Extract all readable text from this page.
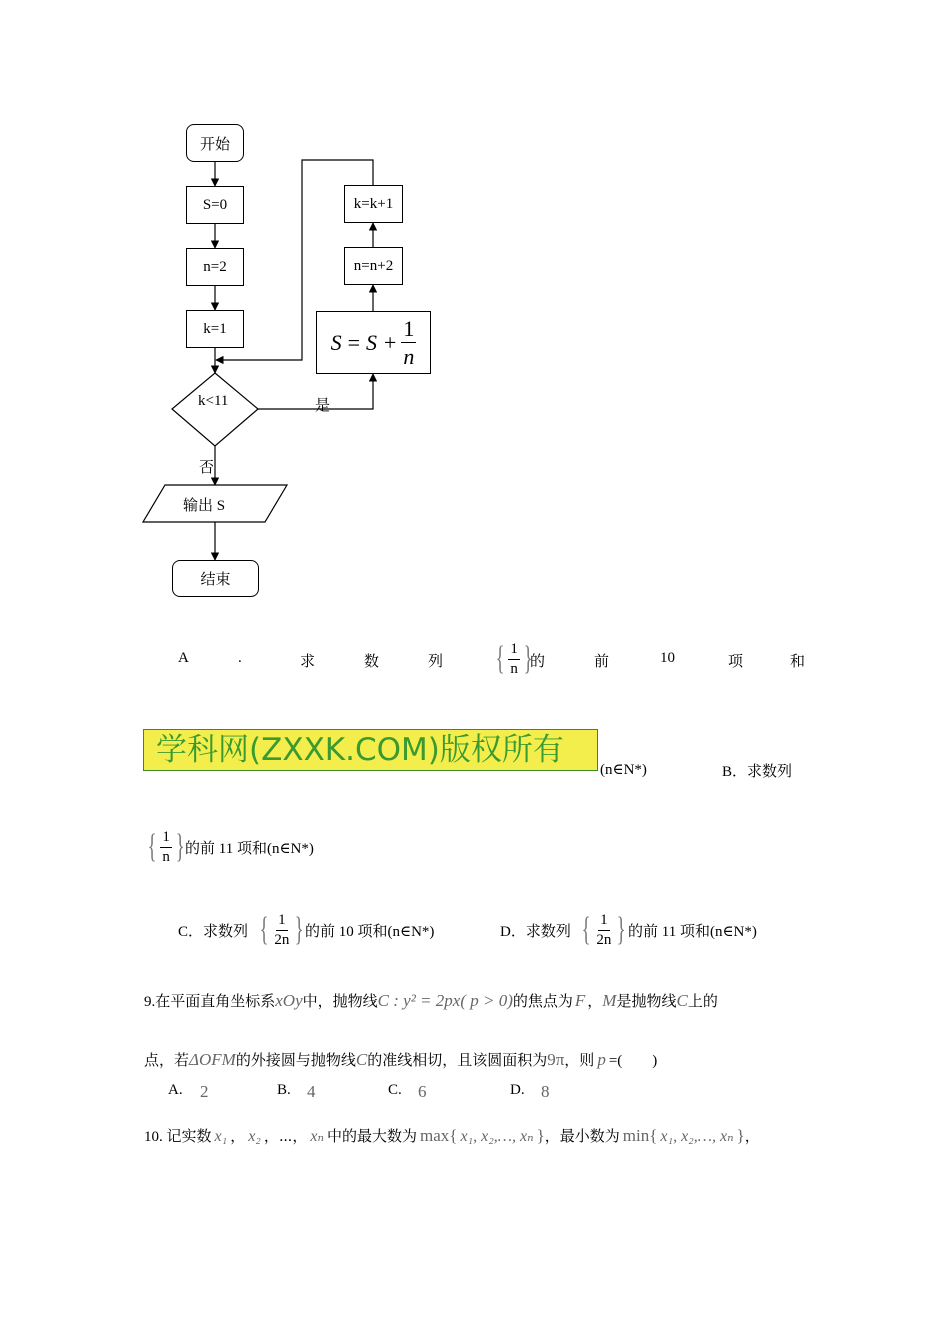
开始
S=0
n=2
k=1
k<11	是
否
k=k+1
n=n+2
$S = S + \frac{1}{n}$
输出 S
结束
A	.	求	数	列 { $\frac{1}{n}$ }
的	前	10	项	和
学科网(ZXXK.COM)版权所有
(n∈N*)	B．求数列
{ $\frac{1}{n}$ } 的前 11 项和(n∈N*)
C．求数列 { $\frac{1}{2n}$ } 的前 10 项和(n∈N*)	D．求数列 { $\frac{1}{2n}$ } 的前 11 项和(n∈N*)
9.在平面直角坐标系xOy中，抛物线C : y² = 2px( p > 0)的焦点为 F ，M是抛物线C上的
点，若ΔOFM的外接圆与抛物线C的准线相切，且该圆面积为9π，则 p =(　　)
A. 2	B. 4	C. 6	D. 8
10. 记实数 x₁ ， x₂ ，⋯， xₙ 中的最大数为 max{ x₁, x₂,…, xₙ }，最小数为 min{ x₁, x₂,…, xₙ }，
